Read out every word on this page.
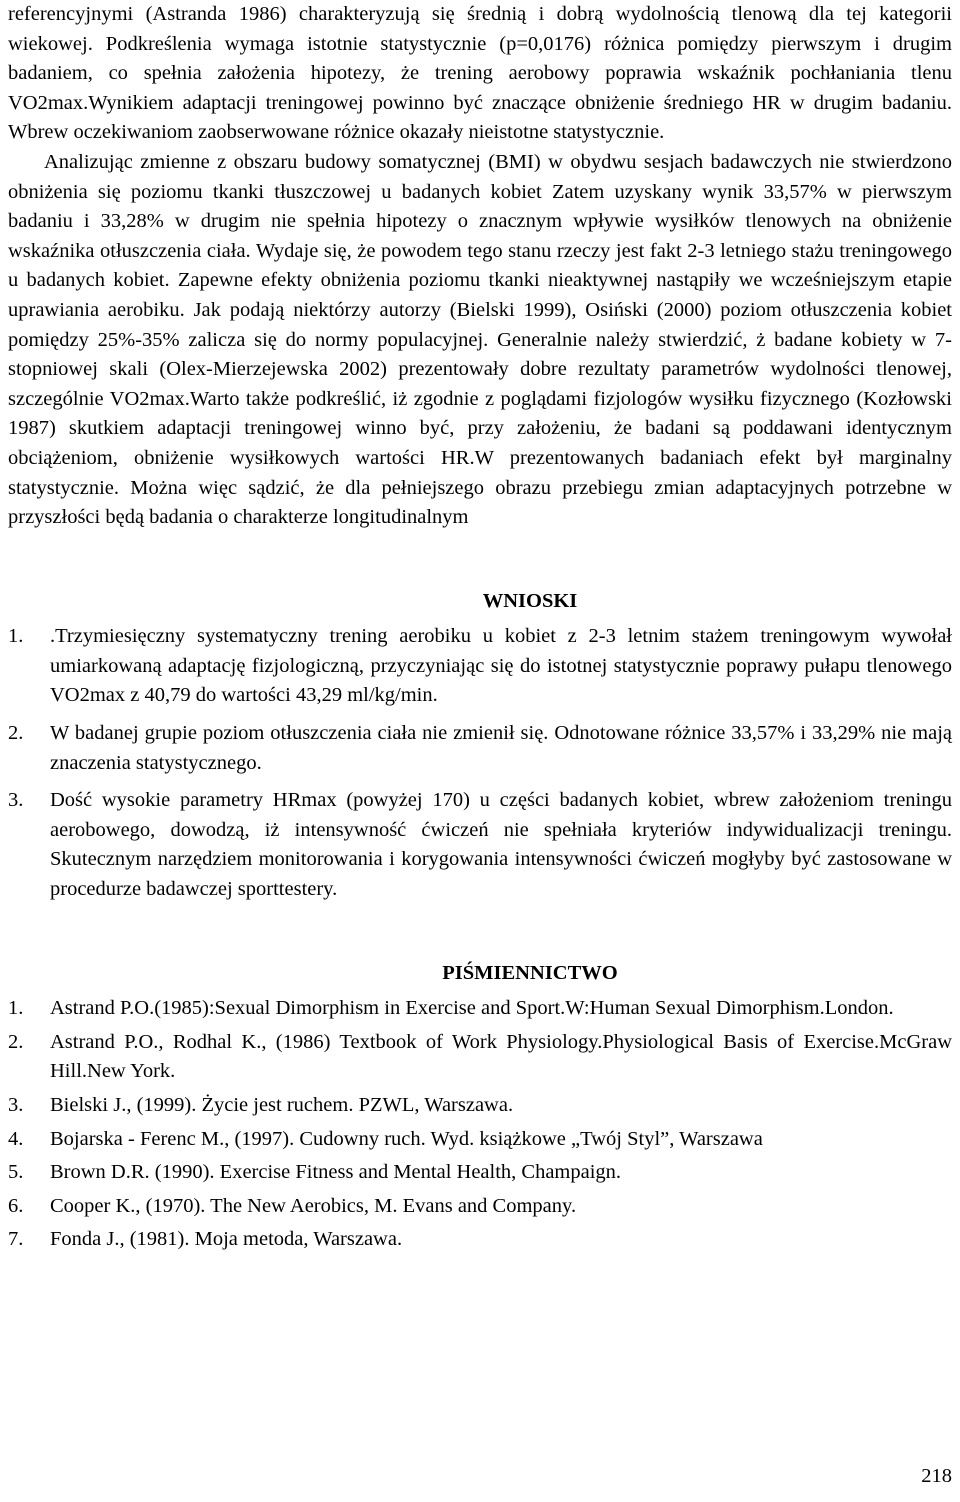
referencyjnymi (Astranda 1986) charakteryzują się średnią i dobrą wydolnością tlenową dla tej kategorii wiekowej. Podkreślenia wymaga istotnie statystycznie (p=0,0176) różnica pomiędzy pierwszym i drugim badaniem, co spełnia założenia hipotezy, że trening aerobowy poprawia wskaźnik pochłaniania tlenu VO2max.Wynikiem adaptacji treningowej powinno być znaczące obniżenie średniego HR w drugim badaniu. Wbrew oczekiwaniom zaobserwowane różnice okazały nieistotne statystycznie.

Analizując zmienne z obszaru budowy somatycznej (BMI) w obydwu sesjach badawczych nie stwierdzono obniżenia się poziomu tkanki tłuszczowej u badanych kobiet Zatem uzyskany wynik 33,57% w pierwszym badaniu i 33,28% w drugim nie spełnia hipotezy o znacznym wpływie wysiłków tlenowych na obniżenie wskaźnika otłuszczenia ciała. Wydaje się, że powodem tego stanu rzeczy jest fakt 2-3 letniego stażu treningowego u badanych kobiet. Zapewne efekty obniżenia poziomu tkanki nieaktywnej nastąpiły we wcześniejszym etapie uprawiania aerobiku. Jak podają niektórzy autorzy (Bielski 1999), Osiński (2000) poziom otłuszczenia kobiet pomiędzy 25%-35% zalicza się do normy populacyjnej. Generalnie należy stwierdzić, ż badane kobiety w 7-stopniowej skali (Olex-Mierzejewska 2002) prezentowały dobre rezultaty parametrów wydolności tlenowej, szczególnie VO2max.Warto także podkreślić, iż zgodnie z poglądami fizjologów wysiłku fizycznego (Kozłowski 1987) skutkiem adaptacji treningowej winno być, przy założeniu, że badani są poddawani identycznym obciążeniom, obniżenie wysiłkowych wartości HR.W prezentowanych badaniach efekt był marginalny statystycznie. Można więc sądzić, że dla pełniejszego obrazu przebiegu zmian adaptacyjnych potrzebne w przyszłości będą badania o charakterze longitudinalnym

WNIOSKI
1.	.Trzymiesięczny systematyczny trening aerobiku u kobiet z 2-3 letnim stażem treningowym wywołał umiarkowaną adaptację fizjologiczną, przyczyniając się do istotnej statystycznie poprawy pułapu tlenowego VO2max z 40,79 do wartości 43,29 ml/kg/min.
2.	W badanej grupie poziom otłuszczenia ciała nie zmienił się. Odnotowane różnice 33,57% i 33,29% nie mają znaczenia statystycznego.
3.	Dość wysokie parametry HRmax (powyżej 170) u części badanych kobiet, wbrew założeniom treningu aerobowego, dowodzą, iż intensywność ćwiczeń nie spełniała kryteriów indywidualizacji treningu. Skutecznym narzędziem monitorowania i korygowania intensywności ćwiczeń mogłyby być zastosowane w procedurze badawczej sporttestery.
PIŚMIENNICTWO
1.	Astrand P.O.(1985):Sexual Dimorphism in Exercise and Sport.W:Human Sexual Dimorphism.London.
2.	Astrand P.O., Rodhal K., (1986) Textbook of Work Physiology.Physiological Basis of Exercise.McGraw Hill.New York.
3.	Bielski J., (1999). Życie jest ruchem. PZWL, Warszawa.
4.	Bojarska - Ferenc M., (1997). Cudowny ruch. Wyd. książkowe „Twój Styl”, Warszawa
5.	Brown D.R. (1990). Exercise Fitness and Mental Health, Champaign.
6.	Cooper K., (1970). The New Aerobics, M. Evans and Company.
7.	Fonda J., (1981). Moja metoda, Warszawa.
218
